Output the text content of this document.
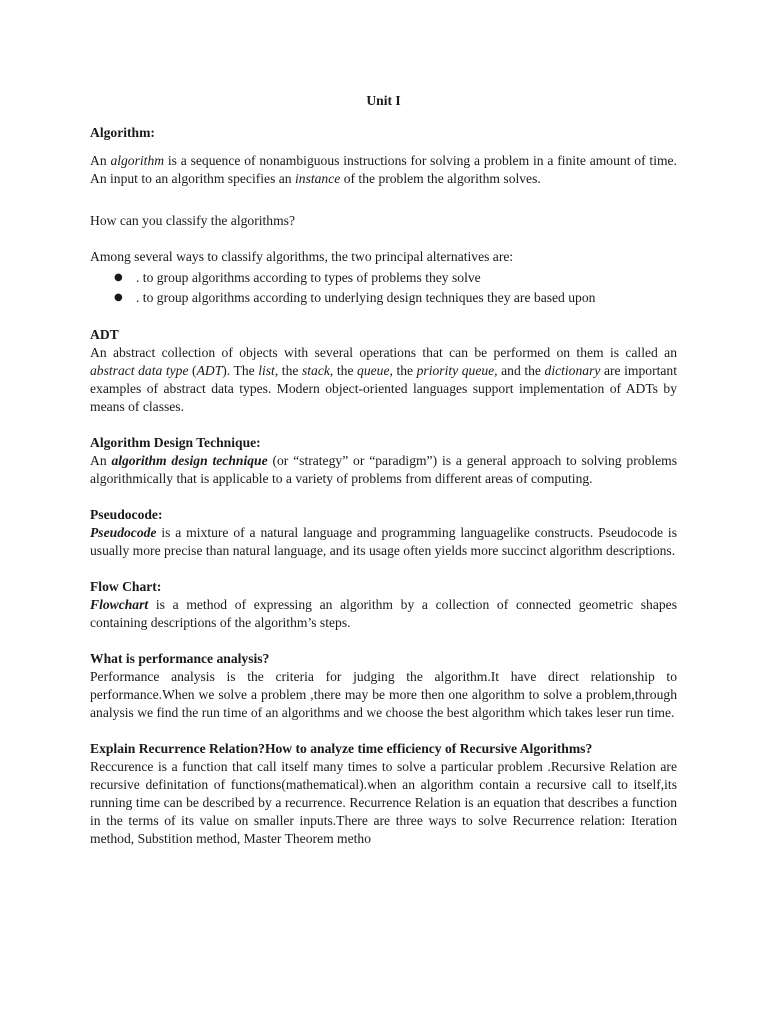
Unit I
Algorithm:

An algorithm is a sequence of nonambiguous instructions for solving a problem in a finite amount of time. An input to an algorithm specifies an instance of the problem the algorithm solves.

How can you classify the algorithms?

Among several ways to classify algorithms, the two principal alternatives are:

● . to group algorithms according to types of problems they solve
● . to group algorithms according to underlying design techniques they are based upon
ADT

An abstract collection of objects with several operations that can be performed on them is called an abstract data type (ADT). The list, the stack, the queue, the priority queue, and the dictionary are important examples of abstract data types. Modern object-oriented languages support implementation of ADTs by means of classes.

Algorithm Design Technique:

An algorithm design technique (or “strategy” or “paradigm”) is a general approach to solving problems algorithmically that is applicable to a variety of problems from different areas of computing.

Pseudocode:

Pseudocode is a mixture of a natural language and programming languagelike constructs. Pseudocode is usually more precise than natural language, and its usage often yields more succinct algorithm descriptions.

Flow Chart:

Flowchart is a method of expressing an algorithm by a collection of connected geometric shapes containing descriptions of the algorithm’s steps.

What is performance analysis?

Performance analysis is the criteria for judging the algorithm.It have direct relationship to performance.When we solve a problem ,there may be more then one algorithm to solve a problem,through analysis we find the run time of an algorithms and we choose the best algorithm which takes leser run time.

Explain Recurrence Relation?How to analyze time efficiency of Recursive Algorithms?

Reccurence is a function that call itself many times to solve a particular problem .Recursive Relation are recursive definitation of functions(mathematical).when an algorithm contain a recursive call to itself,its running time can be described by a recurrence. Recurrence Relation is an equation that describes a function in the terms of its value on smaller inputs.There are three ways to solve Recurrence relation: Iteration method, Substition method, Master Theorem metho
